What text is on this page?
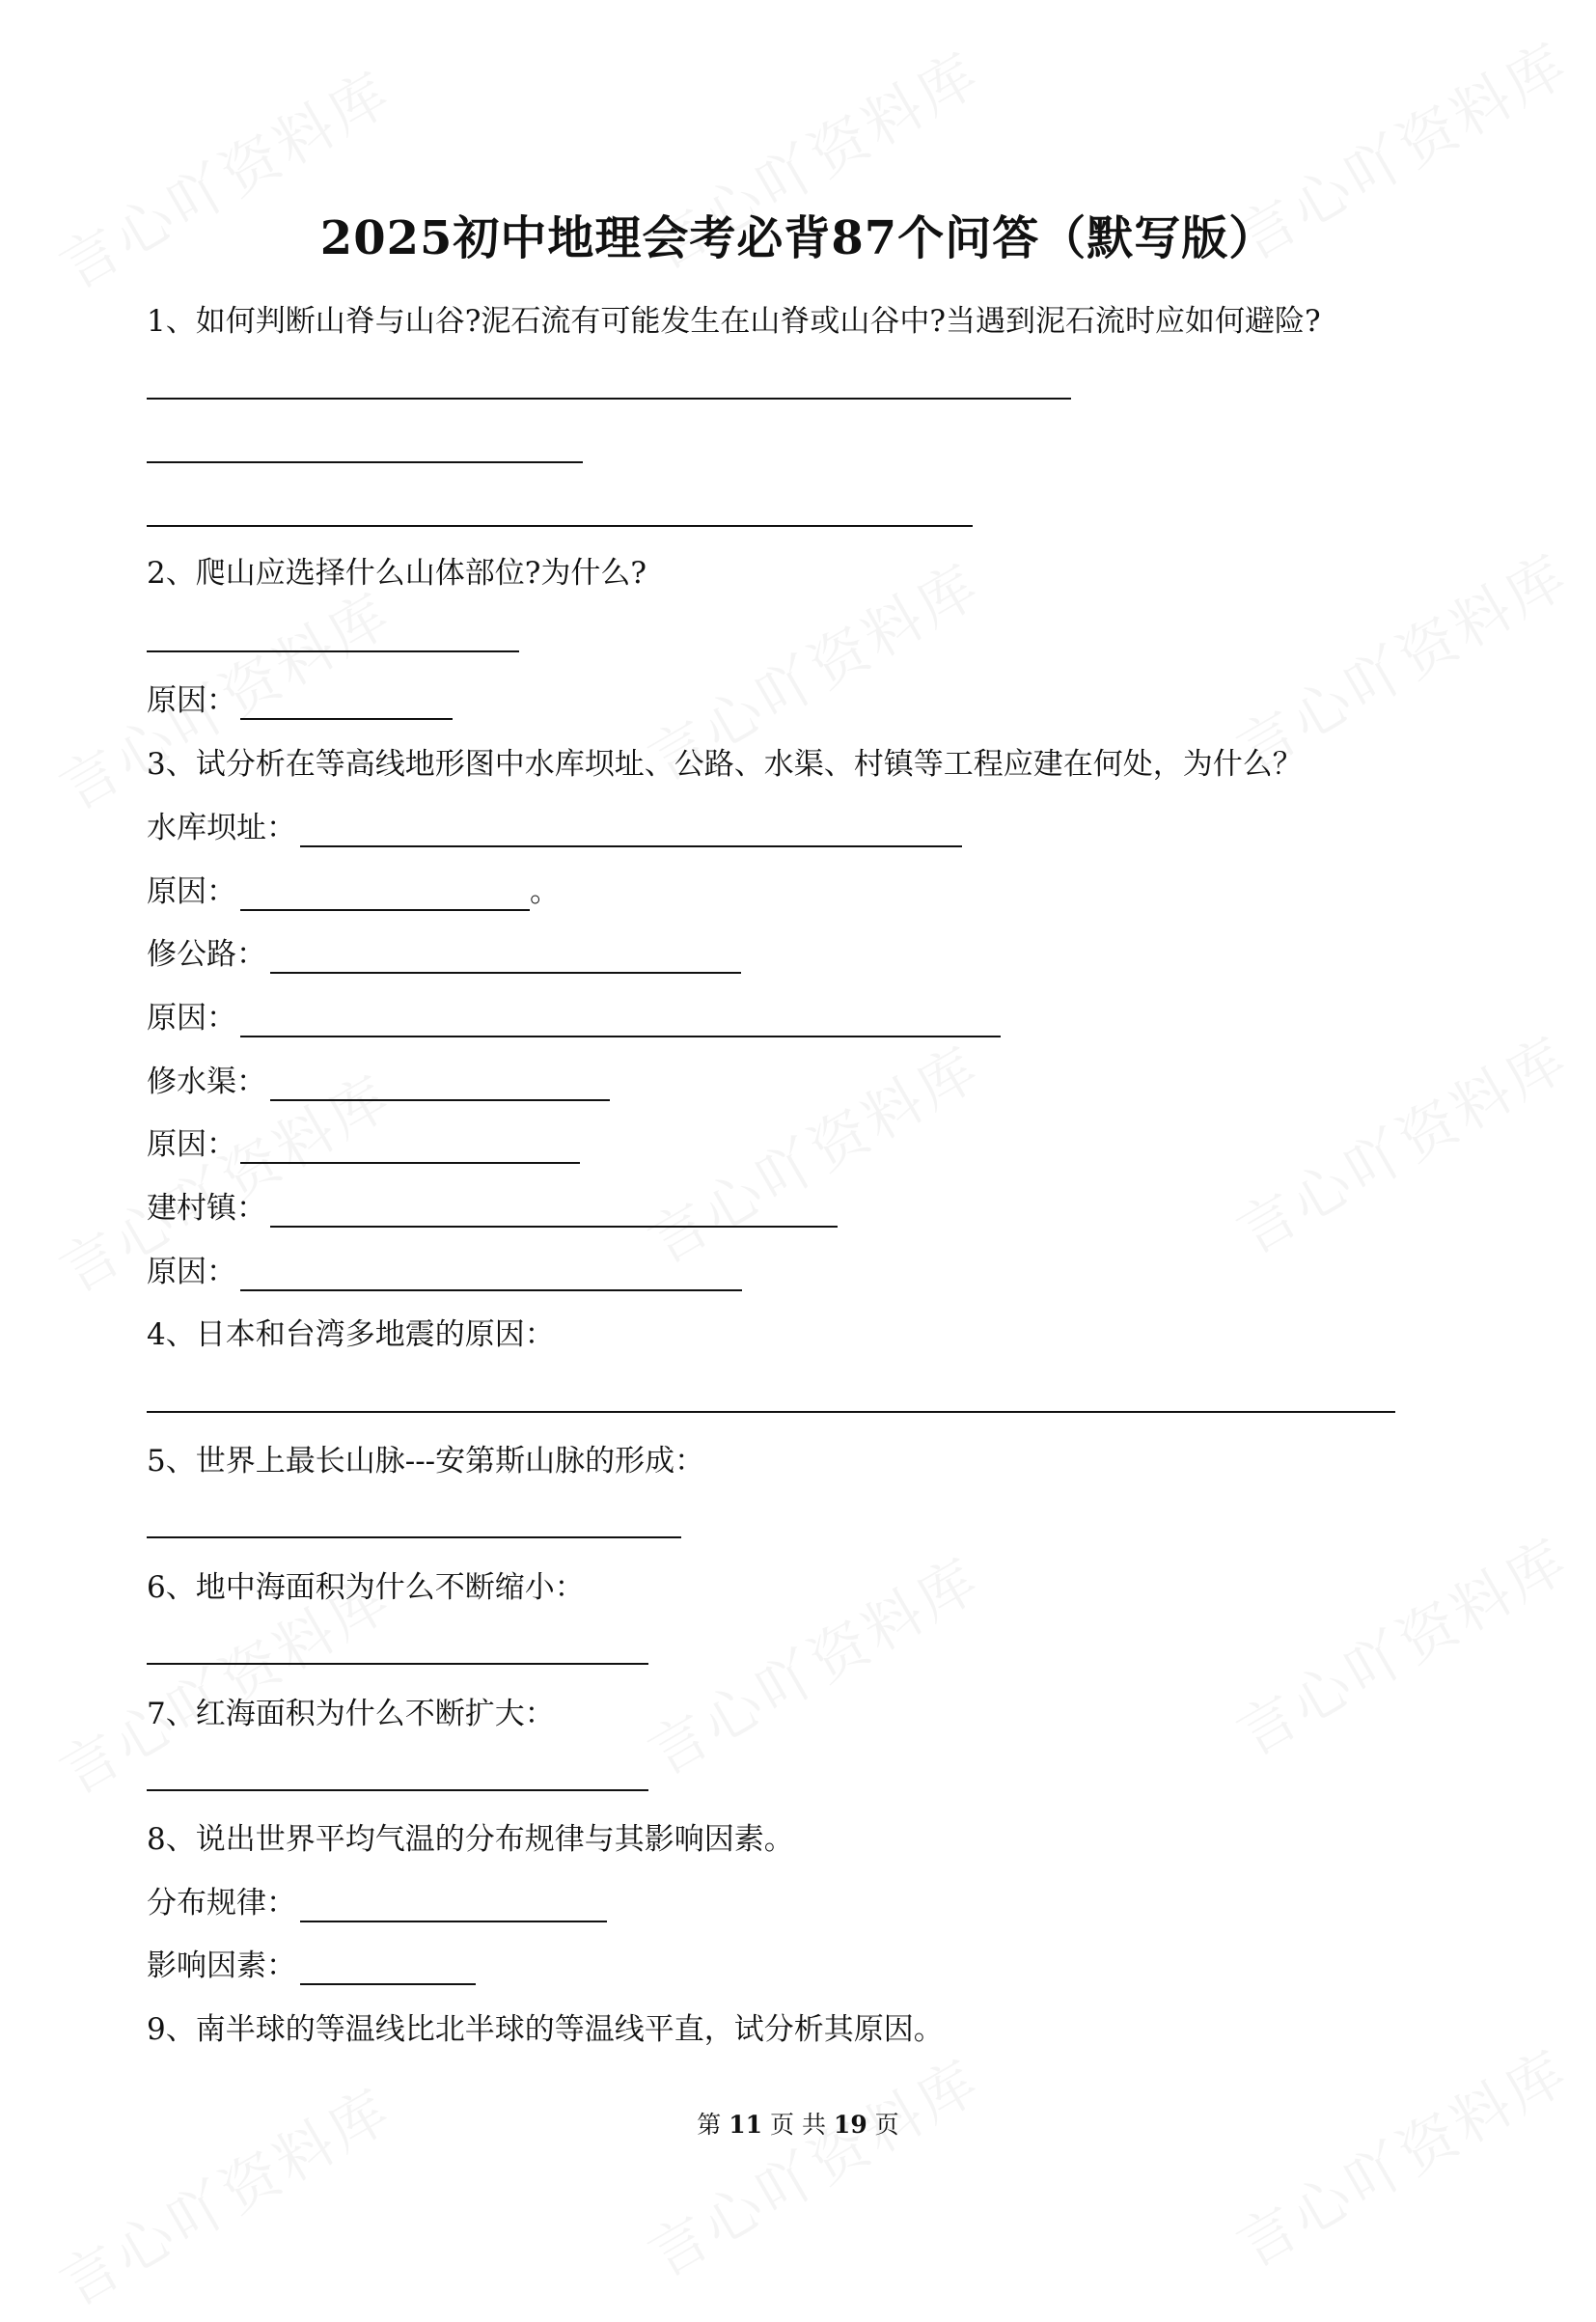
2025初中地理会考必背87个问答（默写版）
1、如何判断山脊与山谷?泥石流有可能发生在山脊或山谷中?当遇到泥石流时应如何避险?
2、爬山应选择什么山体部位?为什么?
原因：
3、试分析在等高线地形图中水库坝址、公路、水渠、村镇等工程应建在何处，为什么？
水库坝址：
原因：	。
修公路：
原因：
修水渠：
原因：
建村镇：
原因：
4、日本和台湾多地震的原因：
5、世界上最长山脉---安第斯山脉的形成：
6、地中海面积为什么不断缩小：
7、红海面积为什么不断扩大：
8、说出世界平均气温的分布规律与其影响因素。
分布规律：
影响因素：
9、南半球的等温线比北半球的等温线平直，试分析其原因。
第 11 页 共 19 页
